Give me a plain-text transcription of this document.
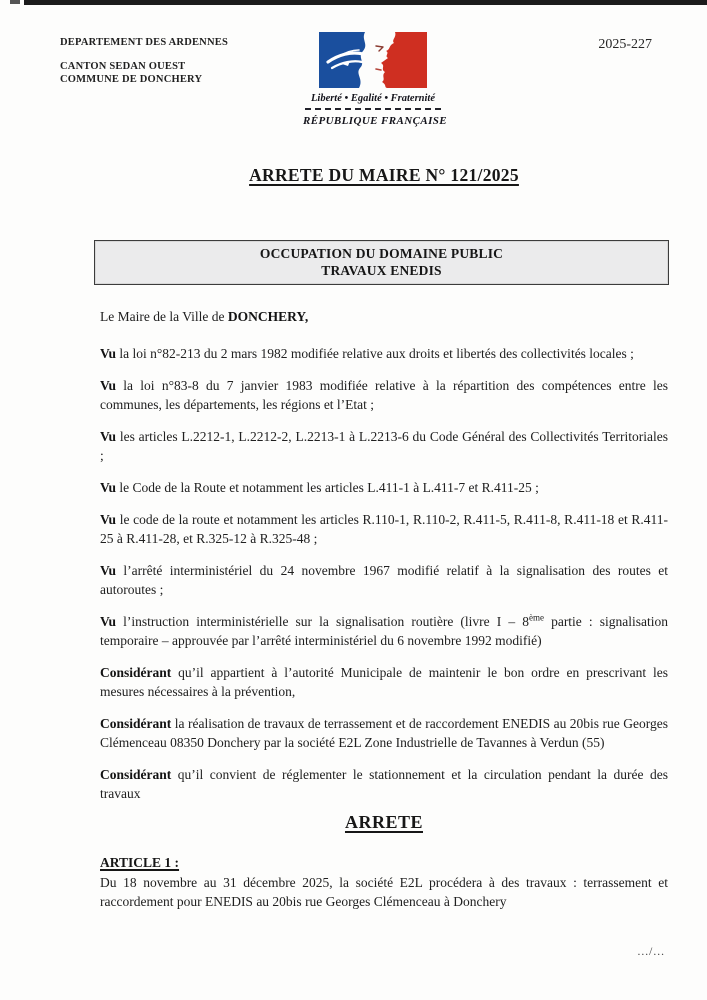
DEPARTEMENT DES ARDENNES
CANTON SEDAN OUEST
COMMUNE DE DONCHERY
2025-227
Liberté • Egalité • Fraternité
RÉPUBLIQUE FRANÇAISE
ARRETE DU MAIRE N° 121/2025
OCCUPATION DU DOMAINE PUBLIC
TRAVAUX ENEDIS

Le Maire de la Ville de DONCHERY,

Vu la loi n°82-213 du 2 mars 1982 modifiée relative aux droits et libertés des collectivités locales ;

Vu la loi n°83-8 du 7 janvier 1983 modifiée relative à la répartition des compétences entre les communes, les départements, les régions et l’Etat ;

Vu les articles L.2212-1, L.2212-2, L.2213-1 à L.2213-6 du Code Général des Collectivités Territoriales ;

Vu le Code de la Route et notamment les articles L.411-1 à L.411-7 et R.411-25 ;

Vu le code de la route et notamment les articles R.110-1, R.110-2, R.411-5, R.411-8, R.411-18 et R.411-25 à R.411-28, et R.325-12 à R.325-48 ;

Vu l’arrêté interministériel du 24 novembre 1967 modifié relatif à la signalisation des routes et autoroutes ;

Vu l’instruction interministérielle sur la signalisation routière (livre I – 8ème partie : signalisation temporaire – approuvée par l’arrêté interministériel du 6 novembre 1992 modifié)

Considérant qu’il appartient à l’autorité Municipale de maintenir le bon ordre en prescrivant les mesures nécessaires à la prévention,

Considérant la réalisation de travaux de terrassement et de raccordement ENEDIS au 20bis rue Georges Clémenceau 08350 Donchery par la société E2L Zone Industrielle de Tavannes à Verdun (55)

Considérant qu’il convient de réglementer le stationnement et la circulation pendant la durée des travaux

ARRETE
ARTICLE 1 :

Du 18 novembre au 31 décembre 2025, la société E2L procédera à des travaux : terrassement et raccordement pour ENEDIS au 20bis rue Georges Clémenceau à Donchery

.../...
